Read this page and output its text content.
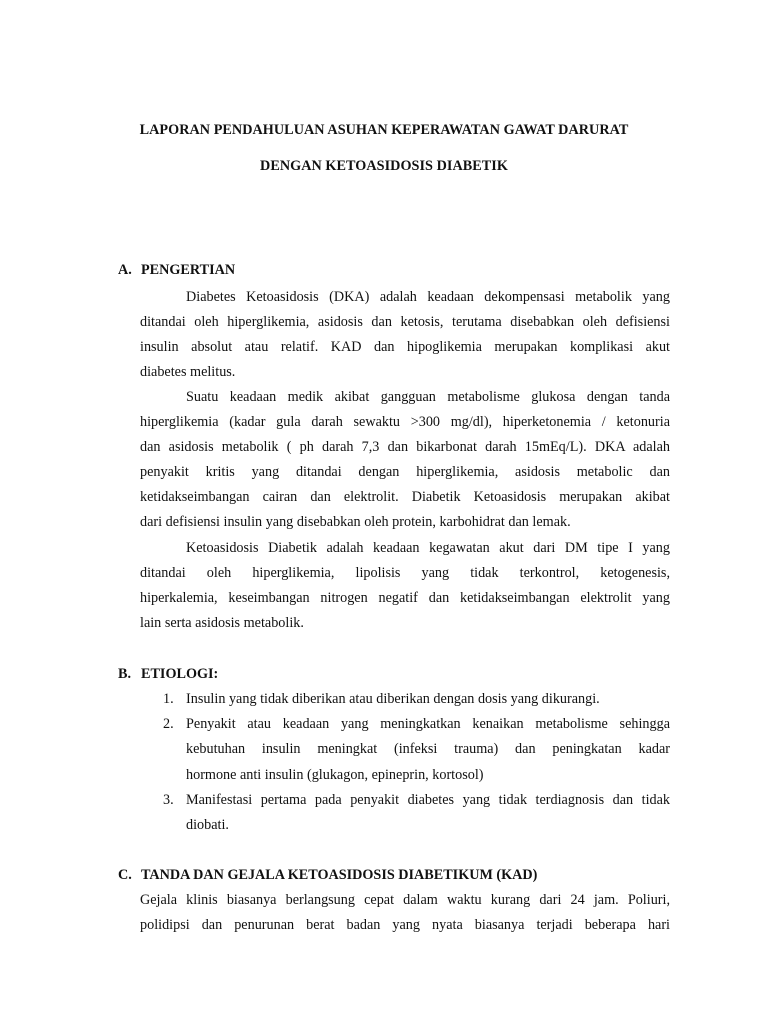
LAPORAN PENDAHULUAN ASUHAN KEPERAWATAN GAWAT DARURAT
DENGAN KETOASIDOSIS DIABETIK
A. PENGERTIAN
Diabetes Ketoasidosis (DKA) adalah keadaan dekompensasi metabolik yang
ditandai oleh hiperglikemia, asidosis dan ketosis, terutama disebabkan oleh defisiensi
insulin absolut atau relatif. KAD dan hipoglikemia merupakan komplikasi akut
diabetes melitus.
Suatu keadaan medik akibat gangguan metabolisme glukosa dengan tanda
hiperglikemia (kadar gula darah sewaktu >300 mg/dl), hiperketonemia / ketonuria
dan asidosis metabolik ( ph darah 7,3 dan bikarbonat darah 15mEq/L). DKA adalah
penyakit kritis yang ditandai dengan hiperglikemia, asidosis metabolic dan
ketidakseimbangan cairan dan elektrolit. Diabetik Ketoasidosis merupakan akibat
dari defisiensi insulin yang disebabkan oleh protein, karbohidrat dan lemak.
Ketoasidosis Diabetik adalah keadaan kegawatan akut dari DM tipe I yang
ditandai oleh hiperglikemia, lipolisis yang tidak terkontrol, ketogenesis,
hiperkalemia, keseimbangan nitrogen negatif dan ketidakseimbangan elektrolit yang
lain serta asidosis metabolik.
B. ETIOLOGI:
1. Insulin yang tidak diberikan atau diberikan dengan dosis yang dikurangi.
2. Penyakit atau keadaan yang meningkatkan kenaikan metabolisme sehingga
kebutuhan insulin meningkat (infeksi trauma) dan peningkatan kadar
hormone anti insulin (glukagon, epineprin, kortosol)
3. Manifestasi pertama pada penyakit diabetes yang tidak terdiagnosis dan tidak
diobati.
C. TANDA DAN GEJALA KETOASIDOSIS DIABETIKUM (KAD)
Gejala klinis biasanya berlangsung cepat dalam waktu kurang dari 24 jam. Poliuri,
polidipsi dan penurunan berat badan yang nyata biasanya terjadi beberapa hari
